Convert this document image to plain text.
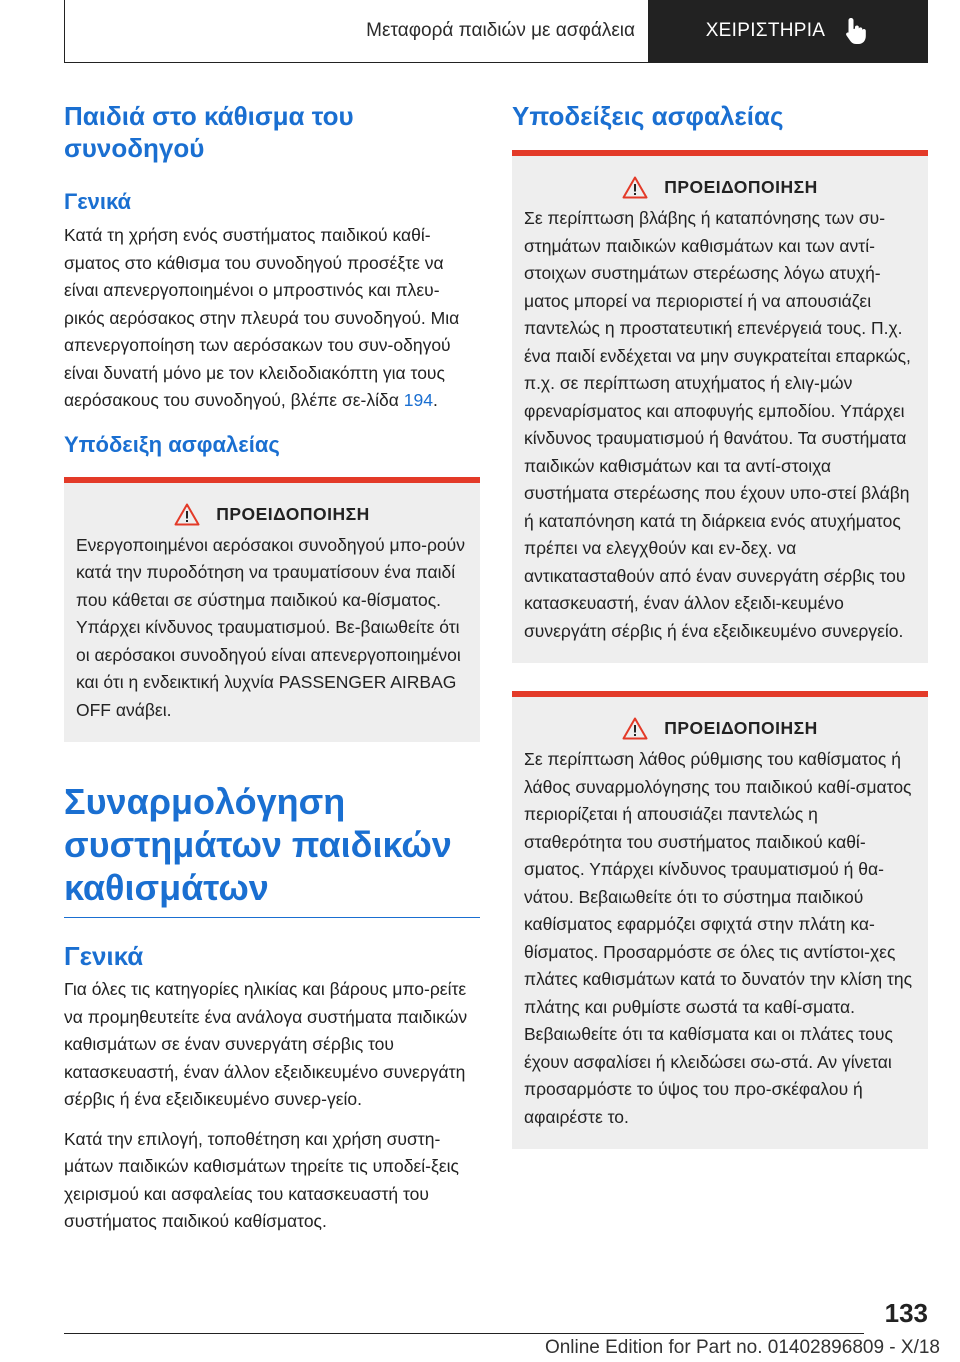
Μεταφορά παιδιών με ασφάλεια	ΧΕΙΡΙΣΤΗΡΙΑ
Παιδιά στο κάθισμα του συνοδηγού
Γενικά

Κατά τη χρήση ενός συστήματος παιδικού καθί-σματος στο κάθισμα του συνοδηγού προσέξτε να είναι απενεργοποιημένοι ο μπροστινός και πλευ-ρικός αερόσακος στην πλευρά του συνοδηγού. Μια απενεργοποίηση των αερόσακων του συν-οδηγού είναι δυνατή μόνο με τον κλειδοδιακόπτη για τους αερόσακους του συνοδηγού, βλέπε σε-λίδα 194.

Υπόδειξη ασφαλείας
ΠΡΟΕΙΔΟΠΟΙΗΣΗ

Ενεργοποιημένοι αερόσακοι συνοδηγού μπο-ρούν κατά την πυροδότηση να τραυματίσουν ένα παιδί που κάθεται σε σύστημα παιδικού κα-θίσματος. Υπάρχει κίνδυνος τραυματισμού. Βε-βαιωθείτε ότι οι αερόσακοι συνοδηγού είναι απενεργοποιημένοι και ότι η ενδεικτική λυχνία PASSENGER AIRBAG OFF ανάβει.

Συναρμολόγηση συστημάτων παιδικών καθισμάτων
Γενικά

Για όλες τις κατηγορίες ηλικίας και βάρους μπο-ρείτε να προμηθευτείτε ένα ανάλογα συστήματα παιδικών καθισμάτων σε έναν συνεργάτη σέρβις του κατασκευαστή, έναν άλλον εξειδικευμένο συνεργάτη σέρβις ή ένα εξειδικευμένο συνερ-γείο.

Κατά την επιλογή, τοποθέτηση και χρήση συστη-μάτων παιδικών καθισμάτων τηρείτε τις υποδεί-ξεις χειρισμού και ασφαλείας του κατασκευαστή του συστήματος παιδικού καθίσματος.

Υποδείξεις ασφαλείας
ΠΡΟΕΙΔΟΠΟΙΗΣΗ

Σε περίπτωση βλάβης ή καταπόνησης των συ-στημάτων παιδικών καθισμάτων και των αντί-στοιχων συστημάτων στερέωσης λόγω ατυχή-ματος μπορεί να περιοριστεί ή να απουσιάζει παντελώς η προστατευτική επενέργειά τους. Π.χ. ένα παιδί ενδέχεται να μην συγκρατείται επαρκώς, π.χ. σε περίπτωση ατυχήματος ή ελιγ-μών φρεναρίσματος και αποφυγής εμποδίου. Υπάρχει κίνδυνος τραυματισμού ή θανάτου. Τα συστήματα παιδικών καθισμάτων και τα αντί-στοιχα συστήματα στερέωσης που έχουν υπο-στεί βλάβη ή καταπόνηση κατά τη διάρκεια ενός ατυχήματος πρέπει να ελεγχθούν και εν-δεχ. να αντικατασταθούν από έναν συνεργάτη σέρβις του κατασκευαστή, έναν άλλον εξειδι-κευμένο συνεργάτη σέρβις ή ένα εξειδικευμένο συνεργείο.

ΠΡΟΕΙΔΟΠΟΙΗΣΗ

Σε περίπτωση λάθος ρύθμισης του καθίσματος ή λάθος συναρμολόγησης του παιδικού καθί-σματος περιορίζεται ή απουσιάζει παντελώς η σταθερότητα του συστήματος παιδικού καθί-σματος. Υπάρχει κίνδυνος τραυματισμού ή θα-νάτου. Βεβαιωθείτε ότι το σύστημα παιδικού καθίσματος εφαρμόζει σφιχτά στην πλάτη κα-θίσματος. Προσαρμόστε σε όλες τις αντίστοι-χες πλάτες καθισμάτων κατά το δυνατόν την κλίση της πλάτης και ρυθμίστε σωστά τα καθί-σματα. Βεβαιωθείτε ότι τα καθίσματα και οι πλάτες τους έχουν ασφαλίσει ή κλειδώσει σω-στά. Αν γίνεται προσαρμόστε το ύψος του προ-σκέφαλου ή αφαιρέστε το.

133
Online Edition for Part no. 01402896809 - X/18
